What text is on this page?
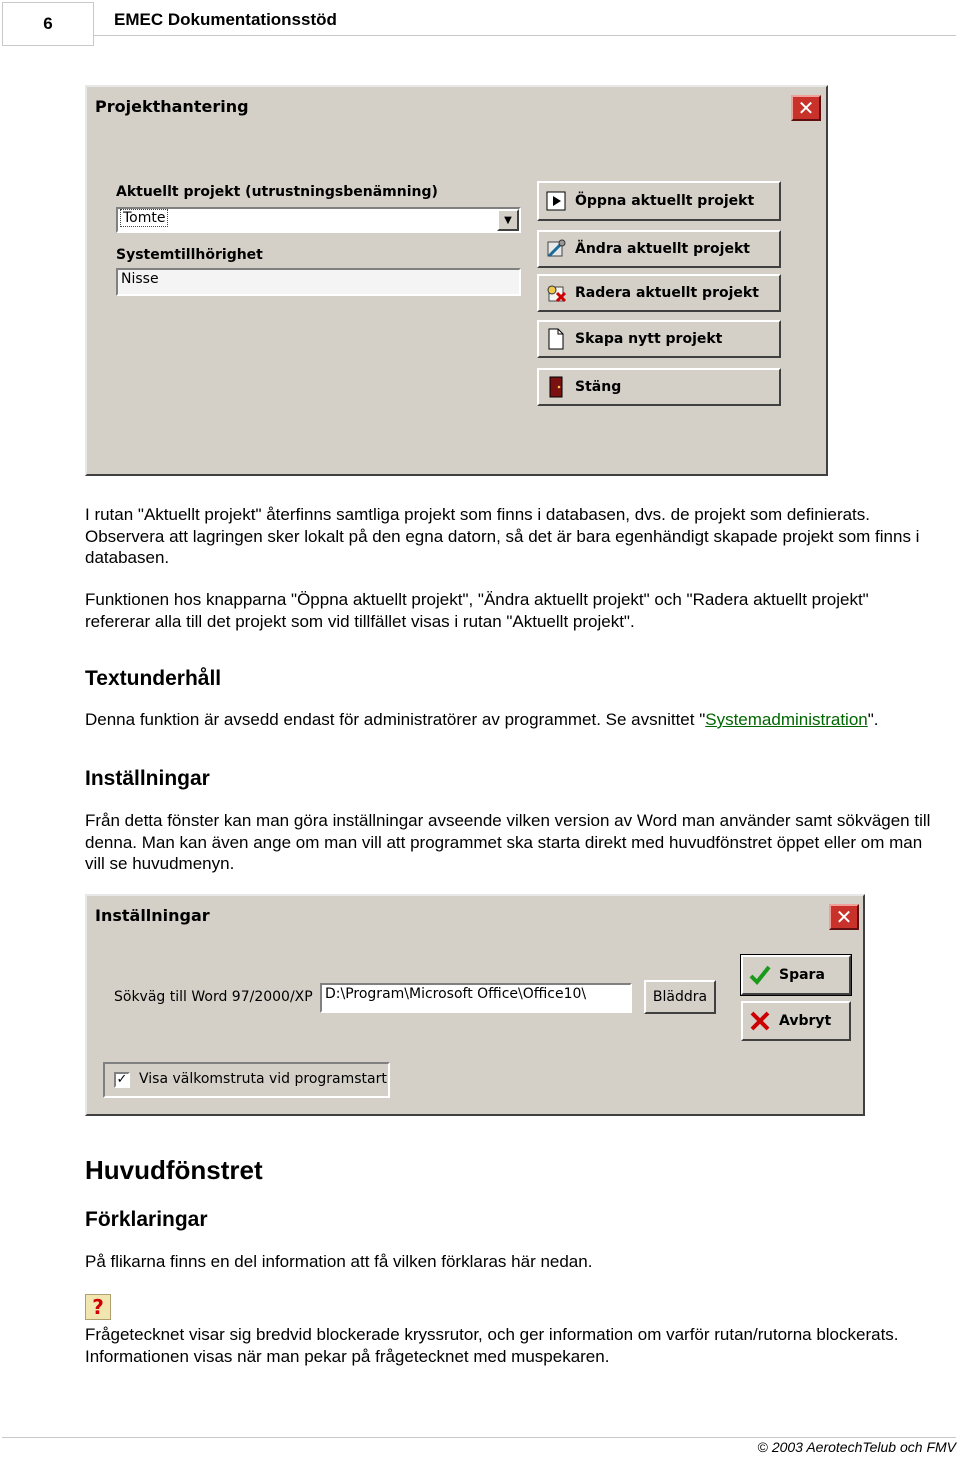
6	EMEC Dokumentationsstöd
Projekthantering	✕
Aktuellt projekt (utrustningsbenämning)
Tomte	▼
Systemtillhörighet
Nisse
Öppna aktuellt projekt
Ändra aktuellt projekt
Radera aktuellt projekt
Skapa nytt projekt
Stäng
I rutan "Aktuellt projekt" återfinns samtliga projekt som finns i databasen, dvs. de projekt som definierats. Observera att lagringen sker lokalt på den egna datorn, så det är bara egenhändigt skapade projekt som finns i databasen.
Funktionen hos knapparna "Öppna aktuellt projekt", "Ändra aktuellt projekt" och "Radera aktuellt projekt" refererar alla till det projekt som vid tillfället visas i rutan "Aktuellt projekt".
Textunderhåll
Denna funktion är avsedd endast för administratörer av programmet. Se avsnittet "Systemadministration".
Inställningar
Från detta fönster kan man göra inställningar avseende vilken version av Word man använder samt sökvägen till denna. Man kan även ange om man vill att programmet ska starta direkt med huvudfönstret öppet eller om man vill se huvudmenyn.
Inställningar	✕
Sökväg till Word 97/2000/XP D:\Program\Microsoft Office\Office10\	Bläddra
Spara
Avbryt
✓ Visa välkomstruta vid programstart
Huvudfönstret
Förklaringar
På flikarna finns en del information att få vilken förklaras här nedan.
?
Frågetecknet visar sig bredvid blockerade kryssrutor, och ger information om varför rutan/rutorna blockerats. Informationen visas när man pekar på frågetecknet med muspekaren.
© 2003 AerotechTelub och FMV
